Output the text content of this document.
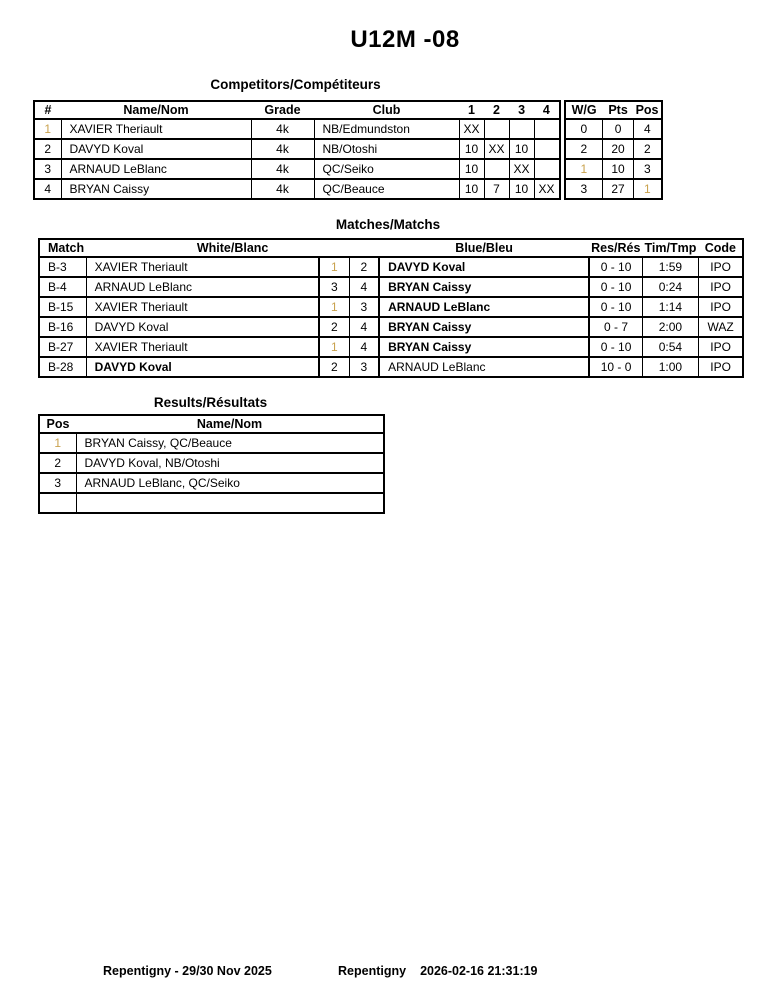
U12M -08
Competitors/Compétiteurs
#	Name/Nom	Grade	Club	1	2	3	4
1	XAVIER Theriault	4k	NB/Edmundston	XX			
2	DAVYD Koval	4k	NB/Otoshi	10	XX	10	
3	ARNAUD LeBlanc	4k	QC/Seiko	10		XX	
4	BRYAN Caissy	4k	QC/Beauce	10	7	10	XX
W/G	Pts	Pos
0	0	4
2	20	2
1	10	3
3	27	1
Matches/Matchs
Match	White/Blanc			Blue/Bleu	Res/Rés	Tim/Tmp	Code
B-3	XAVIER Theriault	1	2	DAVYD Koval	0 - 10	1:59	IPO
B-4	ARNAUD LeBlanc	3	4	BRYAN Caissy	0 - 10	0:24	IPO
B-15	XAVIER Theriault	1	3	ARNAUD LeBlanc	0 - 10	1:14	IPO
B-16	DAVYD Koval	2	4	BRYAN Caissy	0 - 7	2:00	WAZ
B-27	XAVIER Theriault	1	4	BRYAN Caissy	0 - 10	0:54	IPO
B-28	DAVYD Koval	2	3	ARNAUD LeBlanc	10 - 0	1:00	IPO
Results/Résultats
Pos	Name/Nom
1	BRYAN Caissy, QC/Beauce
2	DAVYD Koval, NB/Otoshi
3	ARNAUD LeBlanc, QC/Seiko

Repentigny - 29/30 Nov 2025	Repentigny 2026-02-16 21:31:19
